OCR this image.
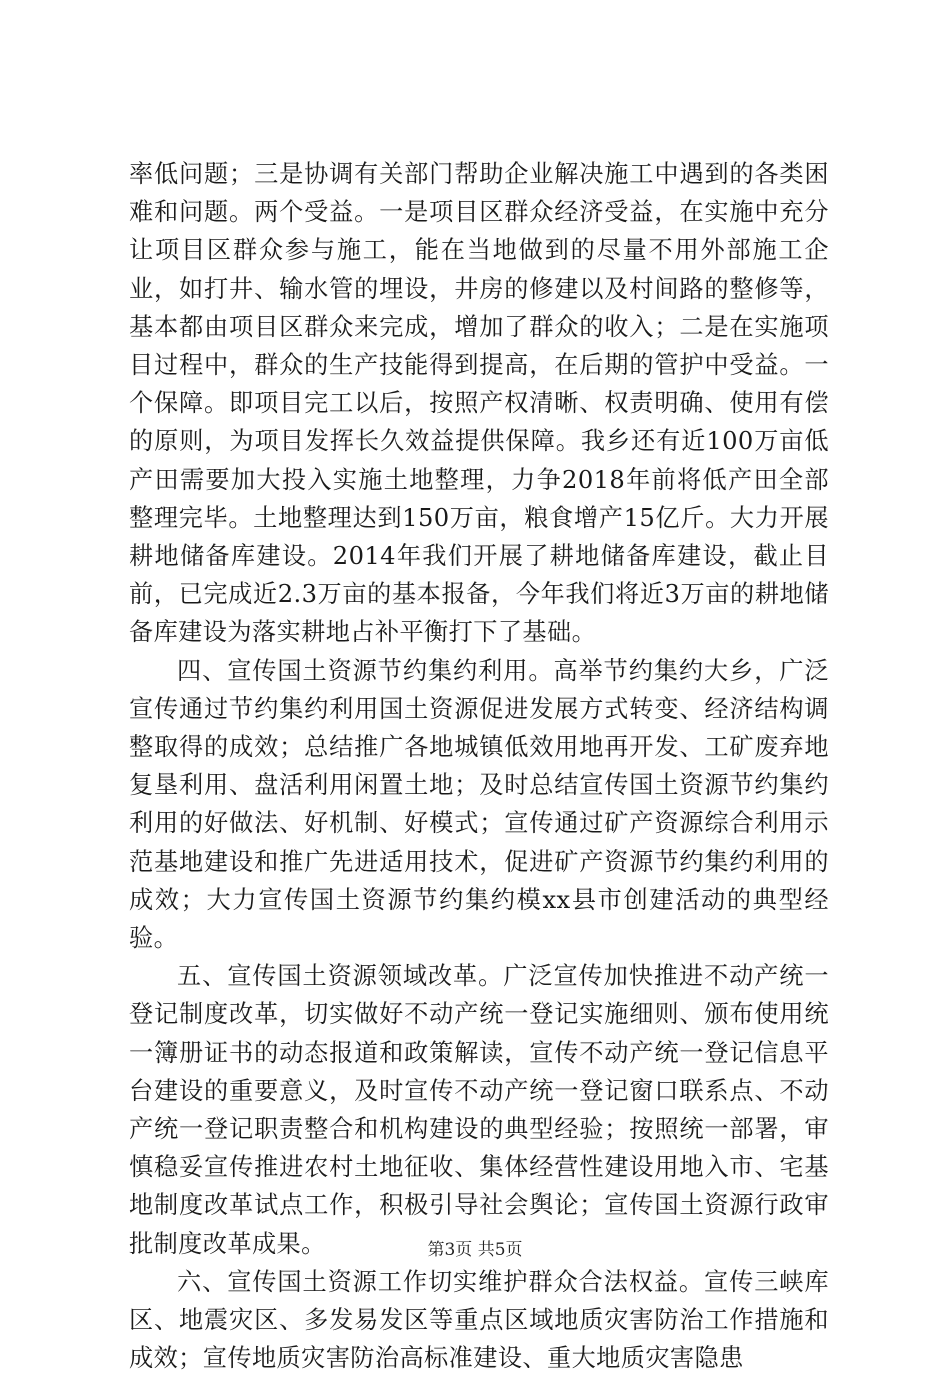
率低问题；三是协调有关部门帮助企业解决施工中遇到的各类困难和问题。两个受益。一是项目区群众经济受益，在实施中充分让项目区群众参与施工，能在当地做到的尽量不用外部施工企业，如打井、输水管的埋设，井房的修建以及村间路的整修等，基本都由项目区群众来完成，增加了群众的收入；二是在实施项目过程中，群众的生产技能得到提高，在后期的管护中受益。一个保障。即项目完工以后，按照产权清晰、权责明确、使用有偿的原则，为项目发挥长久效益提供保障。我乡还有近100万亩低产田需要加大投入实施土地整理，力争2018年前将低产田全部整理完毕。土地整理达到150万亩，粮食增产15亿斤。大力开展耕地储备库建设。2014年我们开展了耕地储备库建设，截止目前，已完成近2.3万亩的基本报备，今年我们将近3万亩的耕地储备库建设为落实耕地占补平衡打下了基础。

四、宣传国土资源节约集约利用。高举节约集约大乡，广泛宣传通过节约集约利用国土资源促进发展方式转变、经济结构调整取得的成效；总结推广各地城镇低效用地再开发、工矿废弃地复垦利用、盘活利用闲置土地；及时总结宣传国土资源节约集约利用的好做法、好机制、好模式；宣传通过矿产资源综合利用示范基地建设和推广先进适用技术，促进矿产资源节约集约利用的成效；大力宣传国土资源节约集约模xx县市创建活动的典型经验。

五、宣传国土资源领域改革。广泛宣传加快推进不动产统一登记制度改革，切实做好不动产统一登记实施细则、颁布使用统一簿册证书的动态报道和政策解读，宣传不动产统一登记信息平台建设的重要意义，及时宣传不动产统一登记窗口联系点、不动产统一登记职责整合和机构建设的典型经验；按照统一部署，审慎稳妥宣传推进农村土地征收、集体经营性建设用地入市、宅基地制度改革试点工作，积极引导社会舆论；宣传国土资源行政审批制度改革成果。

六、宣传国土资源工作切实维护群众合法权益。宣传三峡库区、地震灾区、多发易发区等重点区域地质灾害防治工作措施和成效；宣传地质灾害防治高标准建设、重大地质灾害隐患

第3页 共5页
